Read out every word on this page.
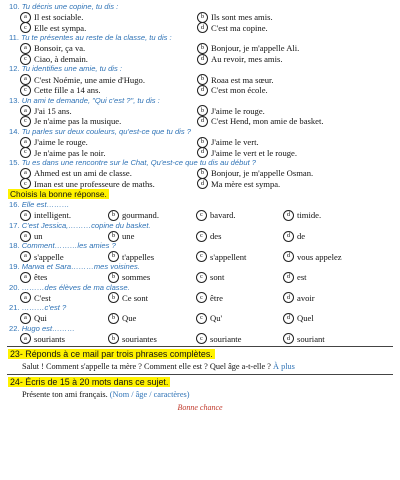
10. Tu décris une copine, tu dis :
a Il est sociable.	b Ils sont mes amis.
c Elle est sympa.	d C'est ma copine.
11. Tu te présentes au reste de la classe, tu dis :
a Bonsoir, ça va.	b Bonjour, je m'appelle Ali.
c Ciao, à demain.	d Au revoir, mes amis.
12. Tu identifies une amie, tu dis :
a C'est Noémie, une amie d'Hugo.	b Roaa est ma sœur.
c Cette fille a 14 ans.	d C'est mon école.
13. Un ami te demande, "Qui c'est ?", tu dis :
a J'ai 15 ans.	b J'aime le rouge.
c Je n'aime pas la musique.	d C'est Hend, mon amie de basket.
14. Tu parles sur deux couleurs, qu'est-ce que tu dis ?
a J'aime le rouge.	b J'aime le vert.
c Je n'aime pas le noir.	d J'aime le vert et le rouge.
15. Tu es dans une rencontre sur le Chat, Qu'est-ce que tu dis au début ?
a Ahmed est un ami de classe.	b Bonjour, je m'appelle Osman.
c Iman est une professeure de maths.	d Ma mère est sympa.
Choisis la bonne réponse.
16. Elle est………
a intelligent.	b gourmand.	c bavard.	d timide.
17. C'est Jessica,………copine du basket.
a un	b une	c des	d de
18. Comment………les amies ?
a s'appelle	b t'appelles	c s'appellent	d vous appelez
19. Marwa et Sara………mes voisines.
a êtes	b sommes	c sont	d est
20. ………des élèves de ma classe.
a C'est	b Ce sont	c être	d avoir
21. ………c'est ?
a Qui	b Que	c Qu'	d Quel
22. Hugo est………
a souriants	b souriantes	c souriante	d souriant
23- Réponds à ce mail par trois phrases complètes.
Salut ! Comment s'appelle ta mère ? Comment elle est ? Quel âge a-t-elle ? À plus
24- Écris de 15 à 20 mots dans ce sujet.
Présente ton ami français. (Nom / âge / caractères)
Bonne chance
